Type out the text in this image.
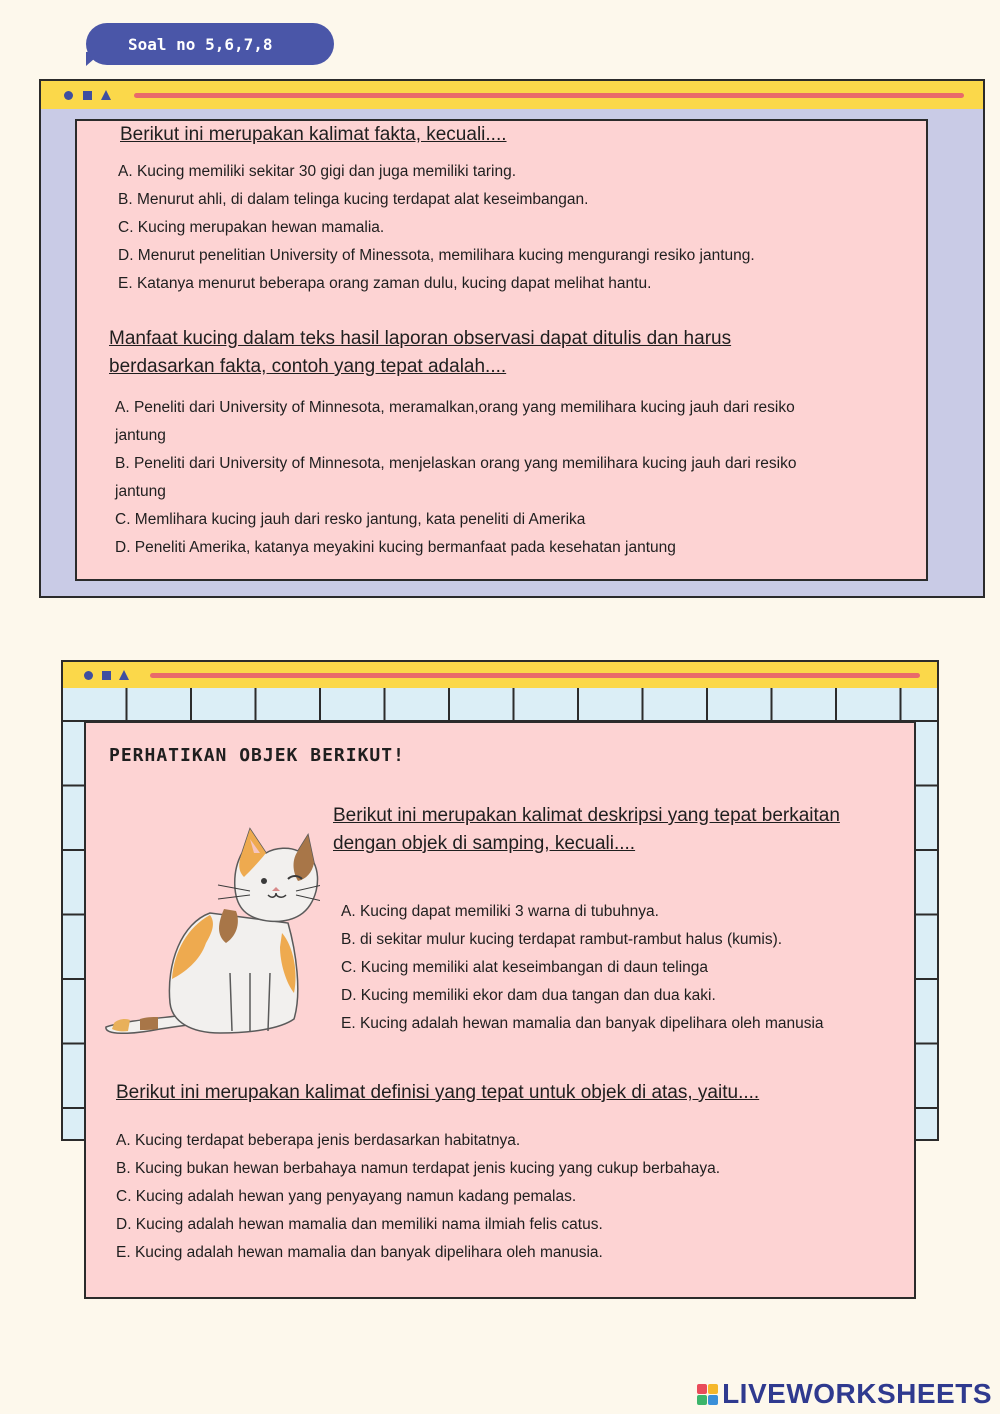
Soal no 5,6,7,8
Berikut ini merupakan kalimat fakta, kecuali....
A. Kucing memiliki sekitar 30 gigi dan juga memiliki taring.
B. Menurut ahli, di dalam telinga kucing terdapat alat keseimbangan.
C. Kucing merupakan hewan mamalia.
D. Menurut penelitian University of Minessota, memilihara kucing mengurangi resiko jantung.
E. Katanya menurut beberapa orang zaman dulu, kucing dapat melihat hantu.
Manfaat kucing dalam teks hasil laporan observasi dapat ditulis dan harus
berdasarkan fakta, contoh yang tepat adalah....
A. Peneliti dari University of Minnesota, meramalkan,orang yang memilihara kucing jauh dari resiko
jantung
B. Peneliti dari University of Minnesota, menjelaskan orang yang memilihara kucing jauh dari resiko
jantung
C. Memlihara kucing jauh dari resko jantung, kata peneliti di Amerika
D. Peneliti Amerika, katanya meyakini kucing bermanfaat pada kesehatan jantung
PERHATIKAN OBJEK BERIKUT!
Berikut ini merupakan kalimat deskripsi yang tepat berkaitan
dengan objek di samping, kecuali....
A. Kucing dapat memiliki 3 warna di tubuhnya.
B. di sekitar mulur kucing terdapat rambut-rambut halus (kumis).
C. Kucing memiliki alat keseimbangan di daun telinga
D. Kucing memiliki ekor dam dua tangan dan dua kaki.
E. Kucing adalah hewan mamalia dan banyak dipelihara oleh manusia
Berikut ini merupakan kalimat definisi yang tepat untuk objek di atas, yaitu....
A. Kucing terdapat beberapa jenis berdasarkan habitatnya.
B. Kucing bukan hewan berbahaya namun terdapat jenis kucing yang cukup berbahaya.
C. Kucing adalah hewan yang penyayang namun kadang pemalas.
D. Kucing adalah hewan mamalia dan memiliki nama ilmiah felis catus.
E. Kucing adalah hewan mamalia dan banyak dipelihara oleh manusia.
LIVEWORKSHEETS
